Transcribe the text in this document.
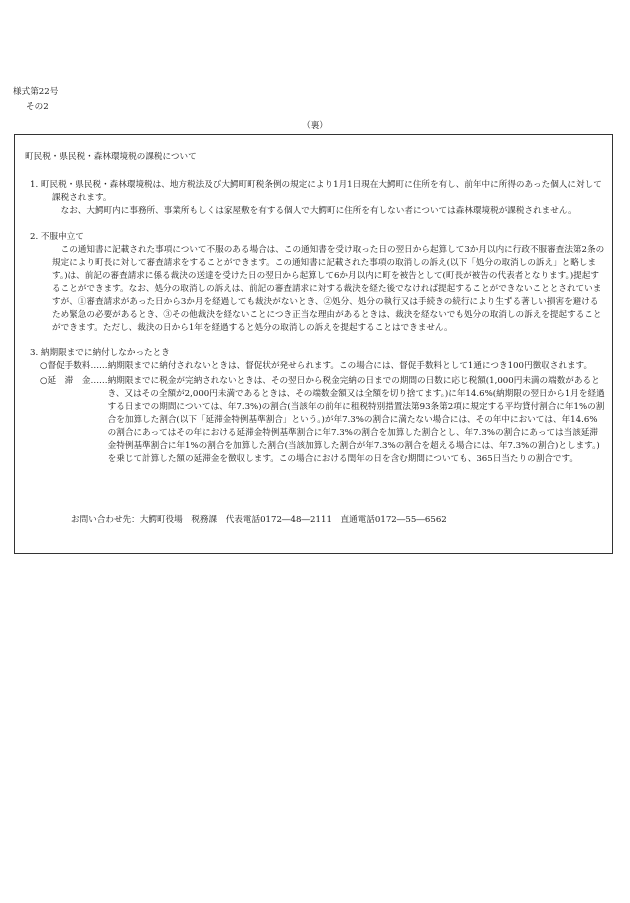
様式第22号
その2
（裏）
町民税・県民税・森林環境税の課税について

1. 町民税・県民税・森林環境税は、地方税法及び大鰐町町税条例の規定により1月1日現在大鰐町に住所を有し、前年中に所得のあった個人に対して課税されます。

なお、大鰐町内に事務所、事業所もしくは家屋敷を有する個人で大鰐町に住所を有しない者については森林環境税が課税されません。

2. 不服申立て

この通知書に記載された事項について不服のある場合は、この通知書を受け取った日の翌日から起算して3か月以内に行政不服審査法第2条の規定により町長に対して審査請求をすることができます。この通知書に記載された事項の取消しの訴え(以下「処分の取消しの訴え」と略します。)は、前記の審査請求に係る裁決の送達を受けた日の翌日から起算して6か月以内に町を被告として(町長が被告の代表者となります。)提起することができます。なお、処分の取消しの訴えは、前記の審査請求に対する裁決を経た後でなければ提起することができないこととされていますが、①審査請求があった日から3か月を経過しても裁決がないとき、②処分、処分の執行又は手続きの続行により生ずる著しい損害を避けるため緊急の必要があるとき、③その他裁決を経ないことにつき正当な理由があるときは、裁決を経ないでも処分の取消しの訴えを提起することができます。ただし、裁決の日から1年を経過すると処分の取消しの訴えを提起することはできません。

3. 納期限までに納付しなかったとき

○督促手数料…… 納期限までに納付されないときは、督促状が発せられます。この場合には、督促手数料として1通につき100円徴収されます。
○延　滞　金…… 納期限までに税金が完納されないときは、その翌日から税金完納の日までの期間の日数に応じ税額(1,000円未満の端数があるとき、又はその全額が2,000円未満であるときは、その端数金額又は全額を切り捨てます。)に年14.6%(納期限の翌日から1月を経過する日までの期間については、年7.3%)の割合(当該年の前年に租税特別措置法第93条第2項に規定する平均貸付割合に年1%の割合を加算した割合(以下「延滞金特例基準割合」という。)が年7.3%の割合に満たない場合には、その年中においては、年14.6%の割合にあってはその年における延滞金特例基準割合に年7.3%の割合を加算した割合とし、年7.3%の割合にあっては当該延滞金特例基準割合に年1%の割合を加算した割合(当該加算した割合が年7.3%の割合を超える場合には、年7.3%の割合)とします。)を乗じて計算した額の延滞金を徴収します。この場合における閏年の日を含む期間についても、365日当たりの割合です。
お問い合わせ先：大鰐町役場　税務課　代表電話0172―48―2111　直通電話0172―55―6562
